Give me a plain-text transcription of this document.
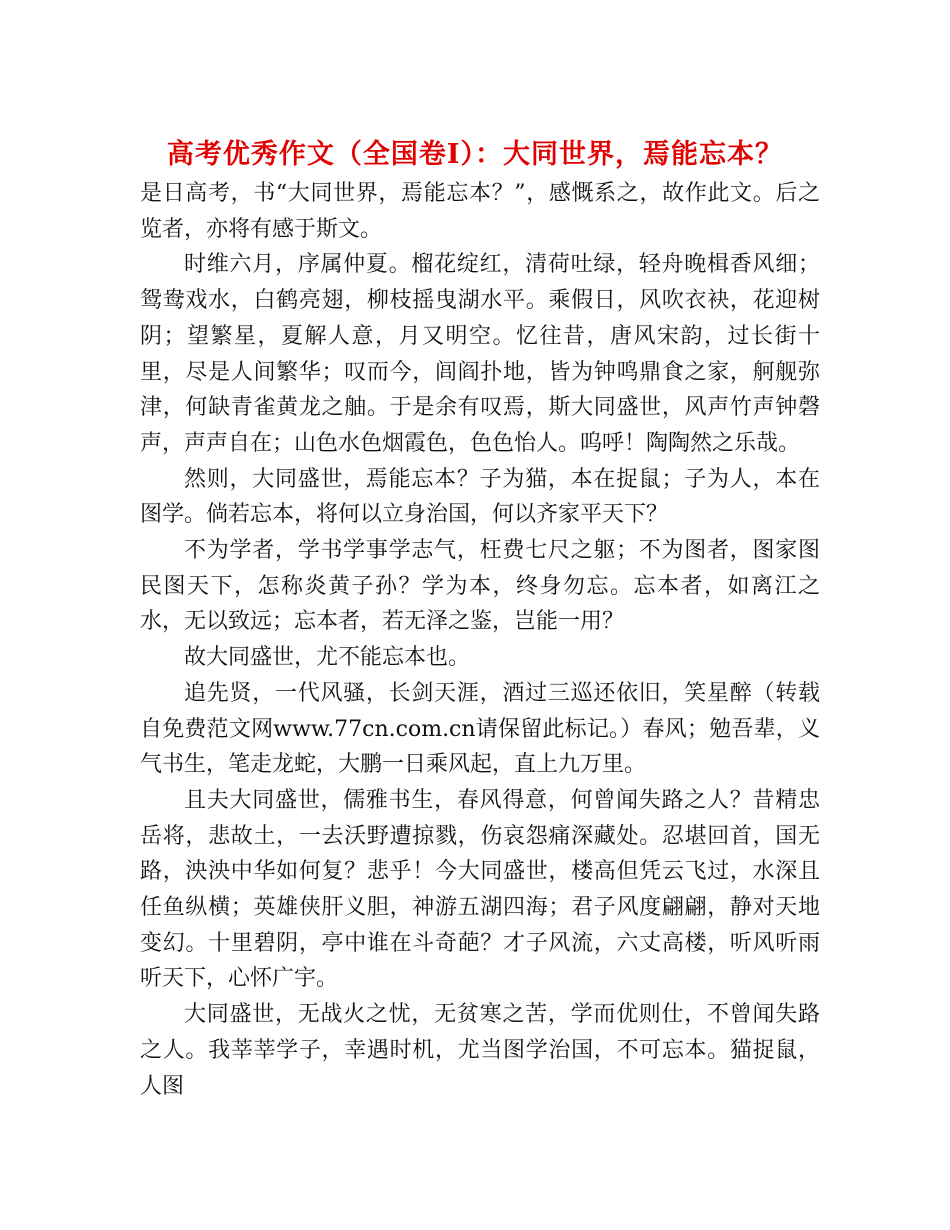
高考优秀作文（全国卷Ⅰ）：大同世界，焉能忘本？

是日高考，书“大同世界，焉能忘本？”，感慨系之，故作此文。后之览者，亦将有感于斯文。

时维六月，序属仲夏。榴花绽红，清荷吐绿，轻舟晚楫香风细；鸳鸯戏水，白鹤亮翅，柳枝摇曳湖水平。乘假日，风吹衣袂，花迎树阴；望繁星，夏解人意，月又明空。忆往昔，唐风宋韵，过长街十里，尽是人间繁华；叹而今，闾阎扑地，皆为钟鸣鼎食之家，舸舰弥津，何缺青雀黄龙之舳。于是余有叹焉，斯大同盛世，风声竹声钟磬声，声声自在；山色水色烟霞色，色色怡人。呜呼！陶陶然之乐哉。

然则，大同盛世，焉能忘本？子为猫，本在捉鼠；子为人，本在图学。倘若忘本，将何以立身治国，何以齐家平天下？

不为学者，学书学事学志气，枉费七尺之躯；不为图者，图家图民图天下，怎称炎黄子孙？学为本，终身勿忘。忘本者，如离江之水，无以致远；忘本者，若无泽之鉴，岂能一用？

故大同盛世，尤不能忘本也。

追先贤，一代风骚，长剑天涯，酒过三巡还依旧，笑星醉（转载自免费范文网www.77cn.com.cn请保留此标记。）春风；勉吾辈，义气书生，笔走龙蛇，大鹏一日乘风起，直上九万里。

且夫大同盛世，儒雅书生，春风得意，何曾闻失路之人？昔精忠岳将，悲故土，一去沃野遭掠戮，伤哀怨痛深藏处。忍堪回首，国无路，泱泱中华如何复？悲乎！今大同盛世，楼高但凭云飞过，水深且任鱼纵横；英雄侠肝义胆，神游五湖四海；君子风度翩翩，静对天地变幻。十里碧阴，亭中谁在斗奇葩？才子风流，六丈高楼，听风听雨听天下，心怀广宇。

大同盛世，无战火之忧，无贫寒之苦，学而优则仕，不曾闻失路之人。我莘莘学子，幸遇时机，尤当图学治国，不可忘本。猫捉鼠，人图
